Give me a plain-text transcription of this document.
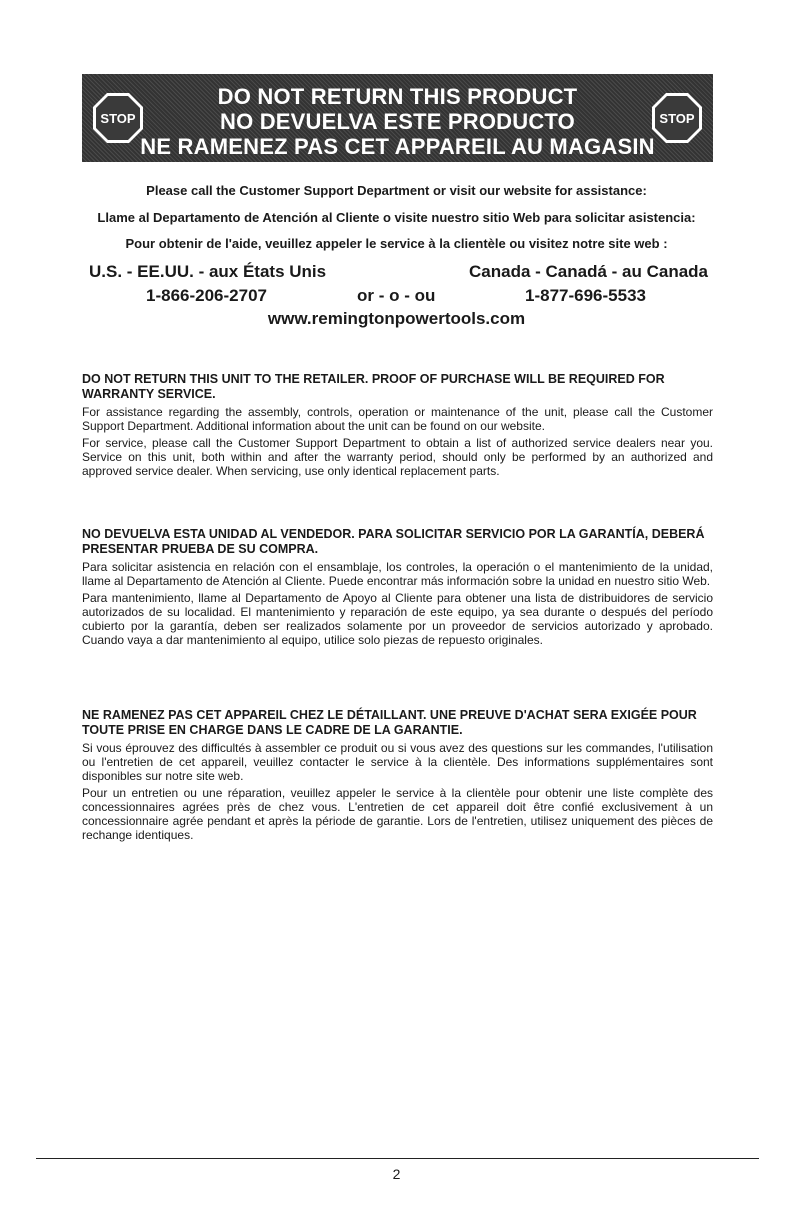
STOP
DO NOT RETURN THIS PRODUCT
NO DEVUELVA ESTE PRODUCTO
NE RAMENEZ PAS CET APPAREIL AU MAGASIN
STOP
Please call the Customer Support Department or visit our website for assistance:
Llame al Departamento de Atención al Cliente o visite nuestro sitio Web para solicitar asistencia:
Pour obtenir de l'aide, veuillez appeler le service à la clientèle ou visitez notre site web :
U.S. - EE.UU. - aux États Unis	Canada - Canadá - au Canada
1-866-206-2707	or - o - ou	1-877-696-5533
www.remingtonpowertools.com
DO NOT RETURN THIS UNIT TO THE RETAILER. PROOF OF PURCHASE WILL BE REQUIRED FOR WARRANTY SERVICE.

For assistance regarding the assembly, controls, operation or maintenance of the unit, please call the Customer Support Department. Additional information about the unit can be found on our website.

For service, please call the Customer Support Department to obtain a list of authorized service dealers near you. Service on this unit, both within and after the warranty period, should only be performed by an authorized and approved service dealer. When servicing, use only identical replacement parts.

NO DEVUELVA ESTA UNIDAD AL VENDEDOR. PARA SOLICITAR SERVICIO POR LA GARANTÍA, DEBERÁ PRESENTAR PRUEBA DE SU COMPRA.

Para solicitar asistencia en relación con el ensamblaje, los controles, la operación o el mantenimiento de la unidad, llame al Departamento de Atención al Cliente. Puede encontrar más información sobre la unidad en nuestro sitio Web.

Para mantenimiento, llame al Departamento de Apoyo al Cliente para obtener una lista de distribuidores de servicio autorizados de su localidad. El mantenimiento y reparación de este equipo, ya sea durante o después del período cubierto por la garantía, deben ser realizados solamente por un proveedor de servicios autorizado y aprobado. Cuando vaya a dar mantenimiento al equipo, utilice solo piezas de repuesto originales.

NE RAMENEZ PAS CET APPAREIL CHEZ LE DÉTAILLANT. UNE PREUVE D'ACHAT SERA EXIGÉE POUR TOUTE PRISE EN CHARGE DANS LE CADRE DE LA GARANTIE.

Si vous éprouvez des difficultés à assembler ce produit ou si vous avez des questions sur les commandes, l'utilisation ou l'entretien de cet appareil, veuillez contacter le service à la clientèle. Des informations supplémentaires sont disponibles sur notre site web.

Pour un entretien ou une réparation, veuillez appeler le service à la clientèle pour obtenir une liste complète des concessionnaires agrées près de chez vous. L'entretien de cet appareil doit être confié exclusivement à un concessionnaire agrée pendant et après la période de garantie. Lors de l'entretien, utilisez uniquement des pièces de rechange identiques.

2
